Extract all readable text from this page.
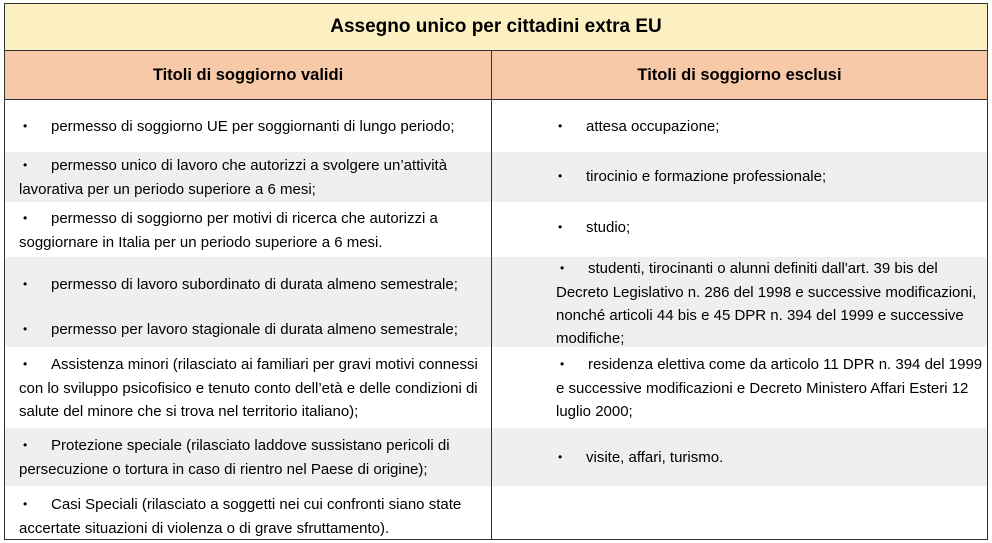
Assegno unico per cittadini extra EU
Titoli di soggiorno validi	Titoli di soggiorno esclusi
•permesso di soggiorno UE per soggiornanti di lungo periodo;
•permesso unico di lavoro che autorizzi a svolgere un’attività lavorativa per un periodo superiore a 6 mesi;
•permesso di soggiorno per motivi di ricerca che autorizzi a soggiornare in Italia per un periodo superiore a 6 mesi.
•permesso di lavoro subordinato di durata almeno semestrale;
•permesso per lavoro stagionale di durata almeno semestrale;
•Assistenza minori (rilasciato ai familiari per gravi motivi connessi con lo sviluppo psicofisico e tenuto conto dell’età e delle condizioni di salute del minore che si trova nel territorio italiano);
•Protezione speciale (rilasciato laddove sussistano pericoli di persecuzione o tortura in caso di rientro nel Paese di origine);
•Casi Speciali (rilasciato a soggetti nei cui confronti siano state accertate situazioni di violenza o di grave sfruttamento).
•attesa occupazione;
•tirocinio e formazione professionale;
•studio;
•studenti, tirocinanti o alunni definiti dall'art. 39 bis del Decreto Legislativo n. 286 del 1998 e successive modificazioni, nonché articoli 44 bis e 45 DPR n. 394 del 1999 e successive modifiche;
•residenza elettiva come da articolo 11 DPR n. 394 del 1999 e successive modificazioni e Decreto Ministero Affari Esteri 12 luglio 2000;
•visite, affari, turismo.
